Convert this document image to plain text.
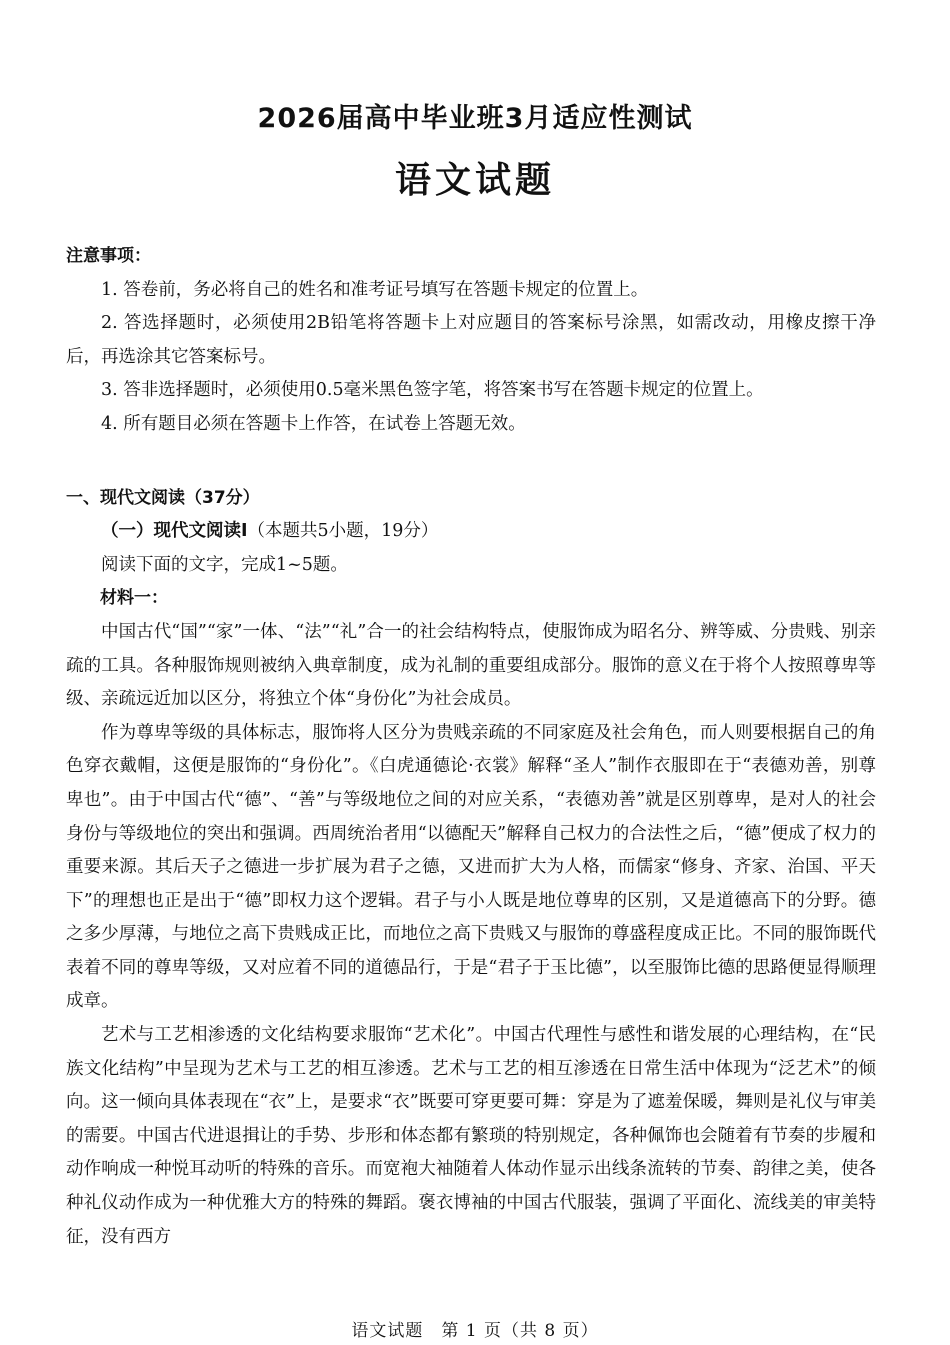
2026届高中毕业班3月适应性测试
语文试题

注意事项：

1. 答卷前，务必将自己的姓名和准考证号填写在答题卡规定的位置上。

2. 答选择题时，必须使用2B铅笔将答题卡上对应题目的答案标号涂黑，如需改动，用橡皮擦干净后，再选涂其它答案标号。

3. 答非选择题时，必须使用0.5毫米黑色签字笔，将答案书写在答题卡规定的位置上。

4. 所有题目必须在答题卡上作答，在试卷上答题无效。

一、现代文阅读（37分）

（一）现代文阅读Ⅰ（本题共5小题，19分）

阅读下面的文字，完成1~5题。

材料一：

中国古代“国”“家”一体、“法”“礼”合一的社会结构特点，使服饰成为昭名分、辨等威、分贵贱、别亲疏的工具。各种服饰规则被纳入典章制度，成为礼制的重要组成部分。服饰的意义在于将个人按照尊卑等级、亲疏远近加以区分，将独立个体“身份化”为社会成员。

作为尊卑等级的具体标志，服饰将人区分为贵贱亲疏的不同家庭及社会角色，而人则要根据自己的角色穿衣戴帽，这便是服饰的“身份化”。《白虎通德论·衣裳》解释“圣人”制作衣服即在于“表德劝善，别尊卑也”。由于中国古代“德”、“善”与等级地位之间的对应关系，“表德劝善”就是区别尊卑，是对人的社会身份与等级地位的突出和强调。西周统治者用“以德配天”解释自己权力的合法性之后，“德”便成了权力的重要来源。其后天子之德进一步扩展为君子之德，又进而扩大为人格，而儒家“修身、齐家、治国、平天下”的理想也正是出于“德”即权力这个逻辑。君子与小人既是地位尊卑的区别，又是道德高下的分野。德之多少厚薄，与地位之高下贵贱成正比，而地位之高下贵贱又与服饰的尊盛程度成正比。不同的服饰既代表着不同的尊卑等级，又对应着不同的道德品行，于是“君子于玉比德”，以至服饰比德的思路便显得顺理成章。

艺术与工艺相渗透的文化结构要求服饰“艺术化”。中国古代理性与感性和谐发展的心理结构，在“民族文化结构”中呈现为艺术与工艺的相互渗透。艺术与工艺的相互渗透在日常生活中体现为“泛艺术”的倾向。这一倾向具体表现在“衣”上，是要求“衣”既要可穿更要可舞：穿是为了遮羞保暖，舞则是礼仪与审美的需要。中国古代进退揖让的手势、步形和体态都有繁琐的特别规定，各种佩饰也会随着有节奏的步履和动作响成一种悦耳动听的特殊的音乐。而宽袍大袖随着人体动作显示出线条流转的节奏、韵律之美，使各种礼仪动作成为一种优雅大方的特殊的舞蹈。褒衣博袖的中国古代服装，强调了平面化、流线美的审美特征，没有西方

语文试题　第 1 页（共 8 页）
